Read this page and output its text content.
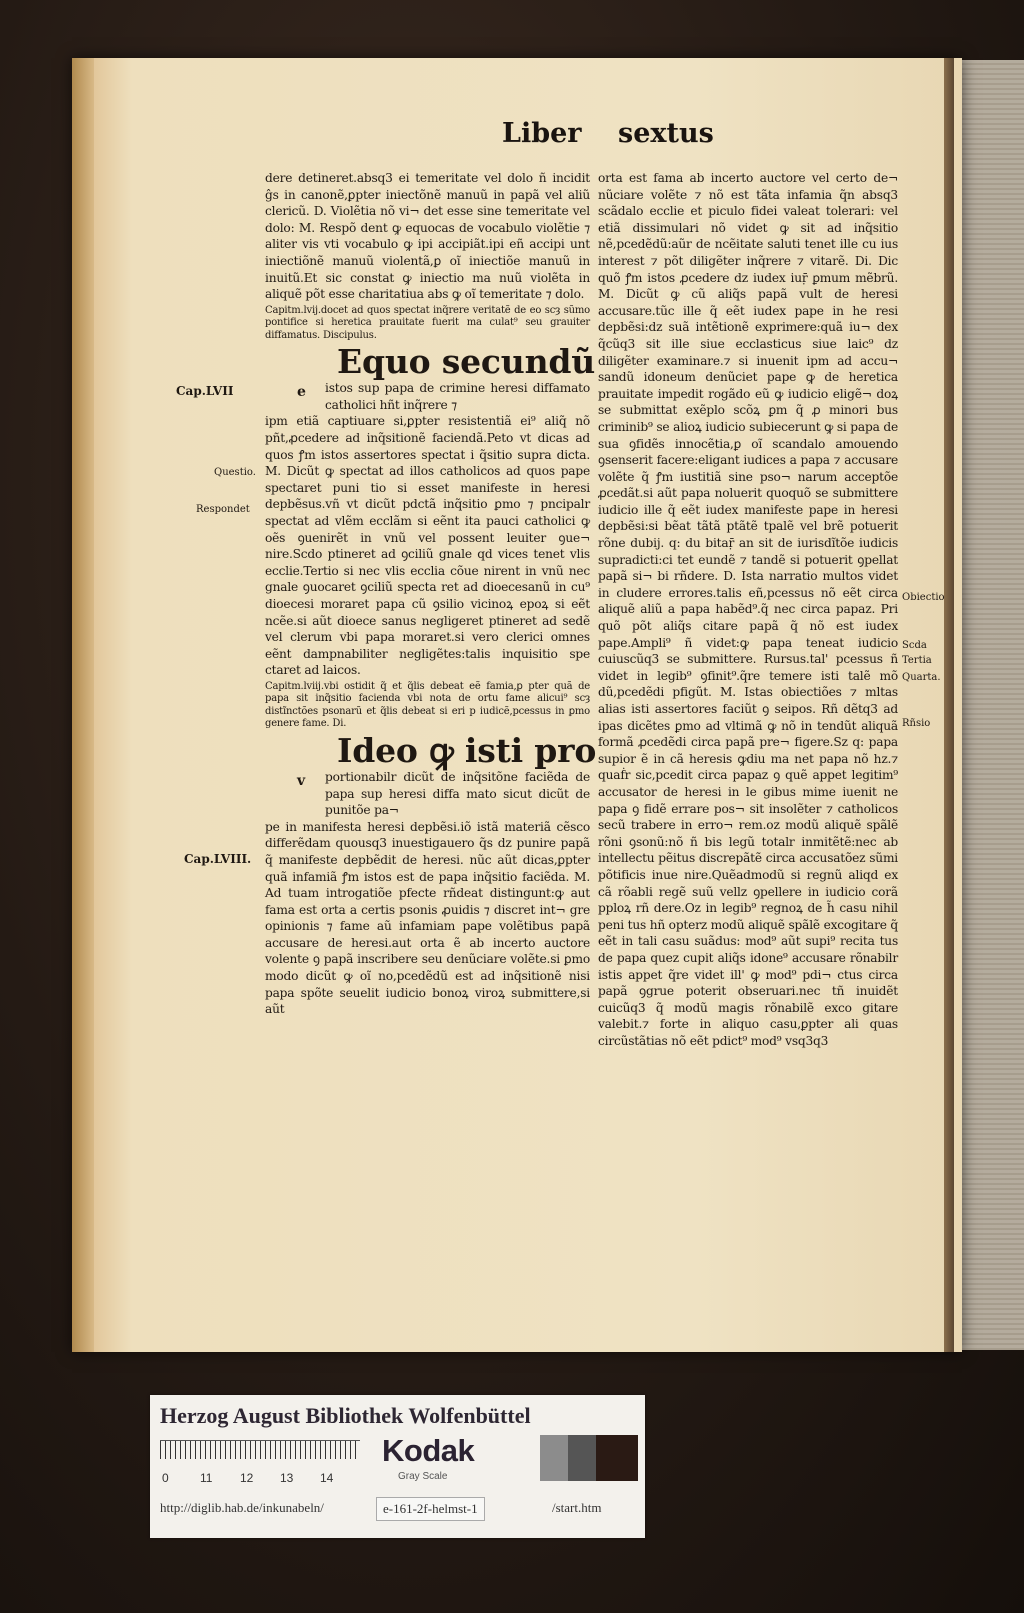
Liber sextus

dere detineret.absq3 ei temeritate vel dolo ñ incidit ĝs in canonẽ,ꝑpter iniectõnẽ manuũ in papã vel aliũ clericũ. D. Violẽtia nõ vi¬ det esse sine temeritate vel dolo: M. Respõ dent ꝙ equocas de vocabulo violẽtie ⁊ aliter vis vti vocabulo ꝙ ipi accipiãt.ipi eñ accipi unt iniectiõnẽ manuũ violentã,ꝑ oĩ iniectiõe manuũ in inuitũ.Et sic constat ꝙ iniectio ma nuũ violẽta in aliquẽ põt esse charitatiua abs ꝙ oĩ temeritate ⁊ dolo.

Capitm.lvij.docet ad quos spectat inq̃rere veritatẽ de eo scȝ sũmo pontifice si heretica prauitate fuerit ma culat⁹ seu grauiter diffamatus. Discipulus.

Equo secundũ

e	istos sup papa de crimine heresi diffamato catholici hñt inq̃rere ⁊

ipm etiã captiuare si,ꝑpter resistentiã ei⁹ aliq̃ nõ pñt,ꝓcedere ad inq̃sitionẽ faciendã.Peto vt dicas ad quos ꝭm istos assertores spectat i q̃sitio supra dicta. M. Dicũt ꝙ spectat ad illos catholicos ad quos pape spectaret puni tio si esset manifeste in heresi depbẽsus.vñ vt dicũt pdctã inq̃sitio ꝑmo ⁊ pncipalr spectat ad vlẽm ecclãm si eẽnt ita pauci catholici ꝙ oẽs ꝯuenirẽt in vnũ vel possent leuiter ꝯue¬ nire.Scdo ptineret ad ꝯciliũ gnale qd vices tenet vlis ecclie.Tertio si nec vlis ecclia cõue nirent in vnũ nec gnale ꝯuocaret ꝯciliũ specta ret ad dioecesanũ in cu⁹ dioecesi moraret papa cũ ꝯsilio vicinoꝝ epoꝝ si eẽt ncẽe.si aũt dioece sanus negligeret ptineret ad sedẽ vel clerum vbi papa moraret.si vero clerici omnes eẽnt dampnabiliter negligẽtes:talis inquisitio spe ctaret ad laicos.

Capitm.lviij.vbi ostidit q̃ et q̃lis debeat eẽ famia,ꝑ pter quã de papa sit inq̃sitio facienda vbi nota de ortu fame alicui⁹ scȝ distĩnctões psonarũ et q̃lis debeat si eri p iudicẽ,pcessus in ꝑmo genere fame. Di.

Ideo ꝙ isti pro

v	portionabilr dicũt de inq̃sitõne faciẽda de papa sup heresi diffa mato sicut dicũt de punitõe pa¬

pe in manifesta heresi depbẽsi.iõ istã materiã cẽsco differẽdam quousq3 inuestigauero q̃s dz punire papã q̃ manifeste depbẽdit de heresi. nũc aũt dicas,ꝑpter quã infamiã ꝭm istos est de papa inq̃sitio faciẽda. M. Ad tuam introgatiõe pfecte rñdeat distingunt:ꝙ aut fama est orta a certis psonis ꝓuidis ⁊ discret int¬ gre opinionis ⁊ fame aũ infamiam pape volẽtibus papã accusare de heresi.aut orta ẽ ab incerto auctore volente ꝯ papã inscribere seu denũciare volẽte.si ꝑmo modo dicũt ꝙ oĩ no,pcedẽdũ est ad inq̃sitionẽ nisi papa spõte seuelit iudicio bonoꝝ viroꝝ submittere,si aũt

orta est fama ab incerto auctore vel certo de¬ nũciare volẽte ⁊ nõ est tãta infamia q̃n absq3 scãdalo ecclie et piculo fidei valeat tolerari: vel etiã dissimulari nõ videt ꝙ sit ad inq̃sitio nẽ,pcedẽdũ:aũr de ncẽitate saluti tenet ille cu ius interest ⁊ põt diligẽter inq̃rere ⁊ vitarẽ. Di. Dic quõ ꝭm istos ꝓcedere dz iudex iuṝ ꝑmum mẽbrũ. M. Dicũt ꝙ cũ aliq̃s papã vult de heresi accusare.tũc ille q̃ eẽt iudex pape in he resi depbẽsi:dz suã intẽtionẽ exprimere:quã iu¬ dex q̃cũq3 sit ille siue ecclasticus siue laic⁹ dz diligẽter examinare.⁊ si inuenit ipm ad accu¬ sandũ idoneum denũciet pape ꝙ de heretica prauitate impedit rogãdo eũ ꝙ iudicio eligẽ¬ doꝝ se submittat exẽplo scõꝝ ꝑm q̃ ꝓ minori bus criminib⁹ se alioꝝ iudicio subiecerunt ꝙ si papa de sua ꝯfidẽs innocẽtia,ꝑ oĩ scandalo amouendo ꝯsenserit facere:eligant iudices a papa ⁊ accusare volẽte q̃ ꝭm iustitiã sine pso¬ narum acceptõe ꝓcedãt.si aũt papa noluerit quoquõ se submittere iudicio ille q̃ eẽt iudex manifeste pape in heresi depbẽsi:si bẽat tãtã ptãtẽ tpalẽ vel brẽ potuerit rõne dubij. q: du bitaṝ an sit de iurisdĩtõe iudicis supradicti:ci tet eundẽ ⁊ tandẽ si potuerit ꝯpellat papã si¬ bi rñdere. D. Ista narratio multos videt in cludere errores.talis eñ,pcessus nõ eẽt circa aliquẽ aliũ a papa habẽd⁹.q̃ nec circa papaz. Pri quõ põt aliq̃s citare papã q̃ nõ est iudex pape.Ampli⁹ ñ videt:ꝙ papa teneat iudicio cuiuscũq3 se submittere. Rursus.tal' pcessus ñ videt in legib⁹ ꝯfinit⁹.q̃re temere isti talẽ mõ dũ,pcedẽdi pfigũt. M. Istas obiectiões ⁊ mltas alias isti assertores faciũt ꝯ seipos. Rñ dẽtq3 ad ipas dicẽtes ꝑmo ad vltimã ꝙ nõ in tendũt aliquã formã ꝓcedẽdi circa papã pre¬ figere.Sz q: papa supior ẽ in cã heresis ꝙdiu ma net papa nõ hz.⁊ quaḟr sic,pcedit circa papaz ꝯ quẽ appet legitim⁹ accusator de heresi in le gibus mime iuenit ne papa ꝯ fidẽ errare pos¬ sit insolẽter ⁊ catholicos secũ trabere in erro¬ rem.oz modũ aliquẽ spãlẽ rõni ꝯsonũ:nõ ñ bis legũ totalr inmitẽtẽ:nec ab intellectu pẽitus discrepãtẽ circa accusatõez sũmi põtificis inue nire.Quẽadmodũ si regnũ aliqd ex cã rõabli regẽ suũ vellz ꝯpellere in iudicio corã pploꝝ rñ dere.Oz in legib⁹ regnoꝝ de h̃ casu nihil peni tus hñ opterz modũ aliquẽ spãlẽ excogitare q̃ eẽt in tali casu suãdus: mod⁹ aũt supi⁹ recita tus de papa quez cupit aliq̃s idone⁹ accusare rõnabilr istis appet q̃re videt ill' ꝙ mod⁹ pdi¬ ctus circa papã ꝯgrue poterit obseruari.nec tñ inuidẽt cuicũq3 q̃ modũ magis rõnabilẽ exco gitare valebit.⁊ forte in aliquo casu,ꝑpter ali quas circũstãtias nõ eẽt pdict⁹ mod⁹ vsq3q3

Cap.LVII
Questio.
Respondet
Cap.LVIII.
Obiectio
Scda
Tertia
Quarta.
Rñsio
Herzog August Bibliothek Wolfenbüttel
0	11 12 13 14
Kodak
Gray Scale
http://diglib.hab.de/inkunabeln/	e-161-2f-helmst-1	/start.htm
